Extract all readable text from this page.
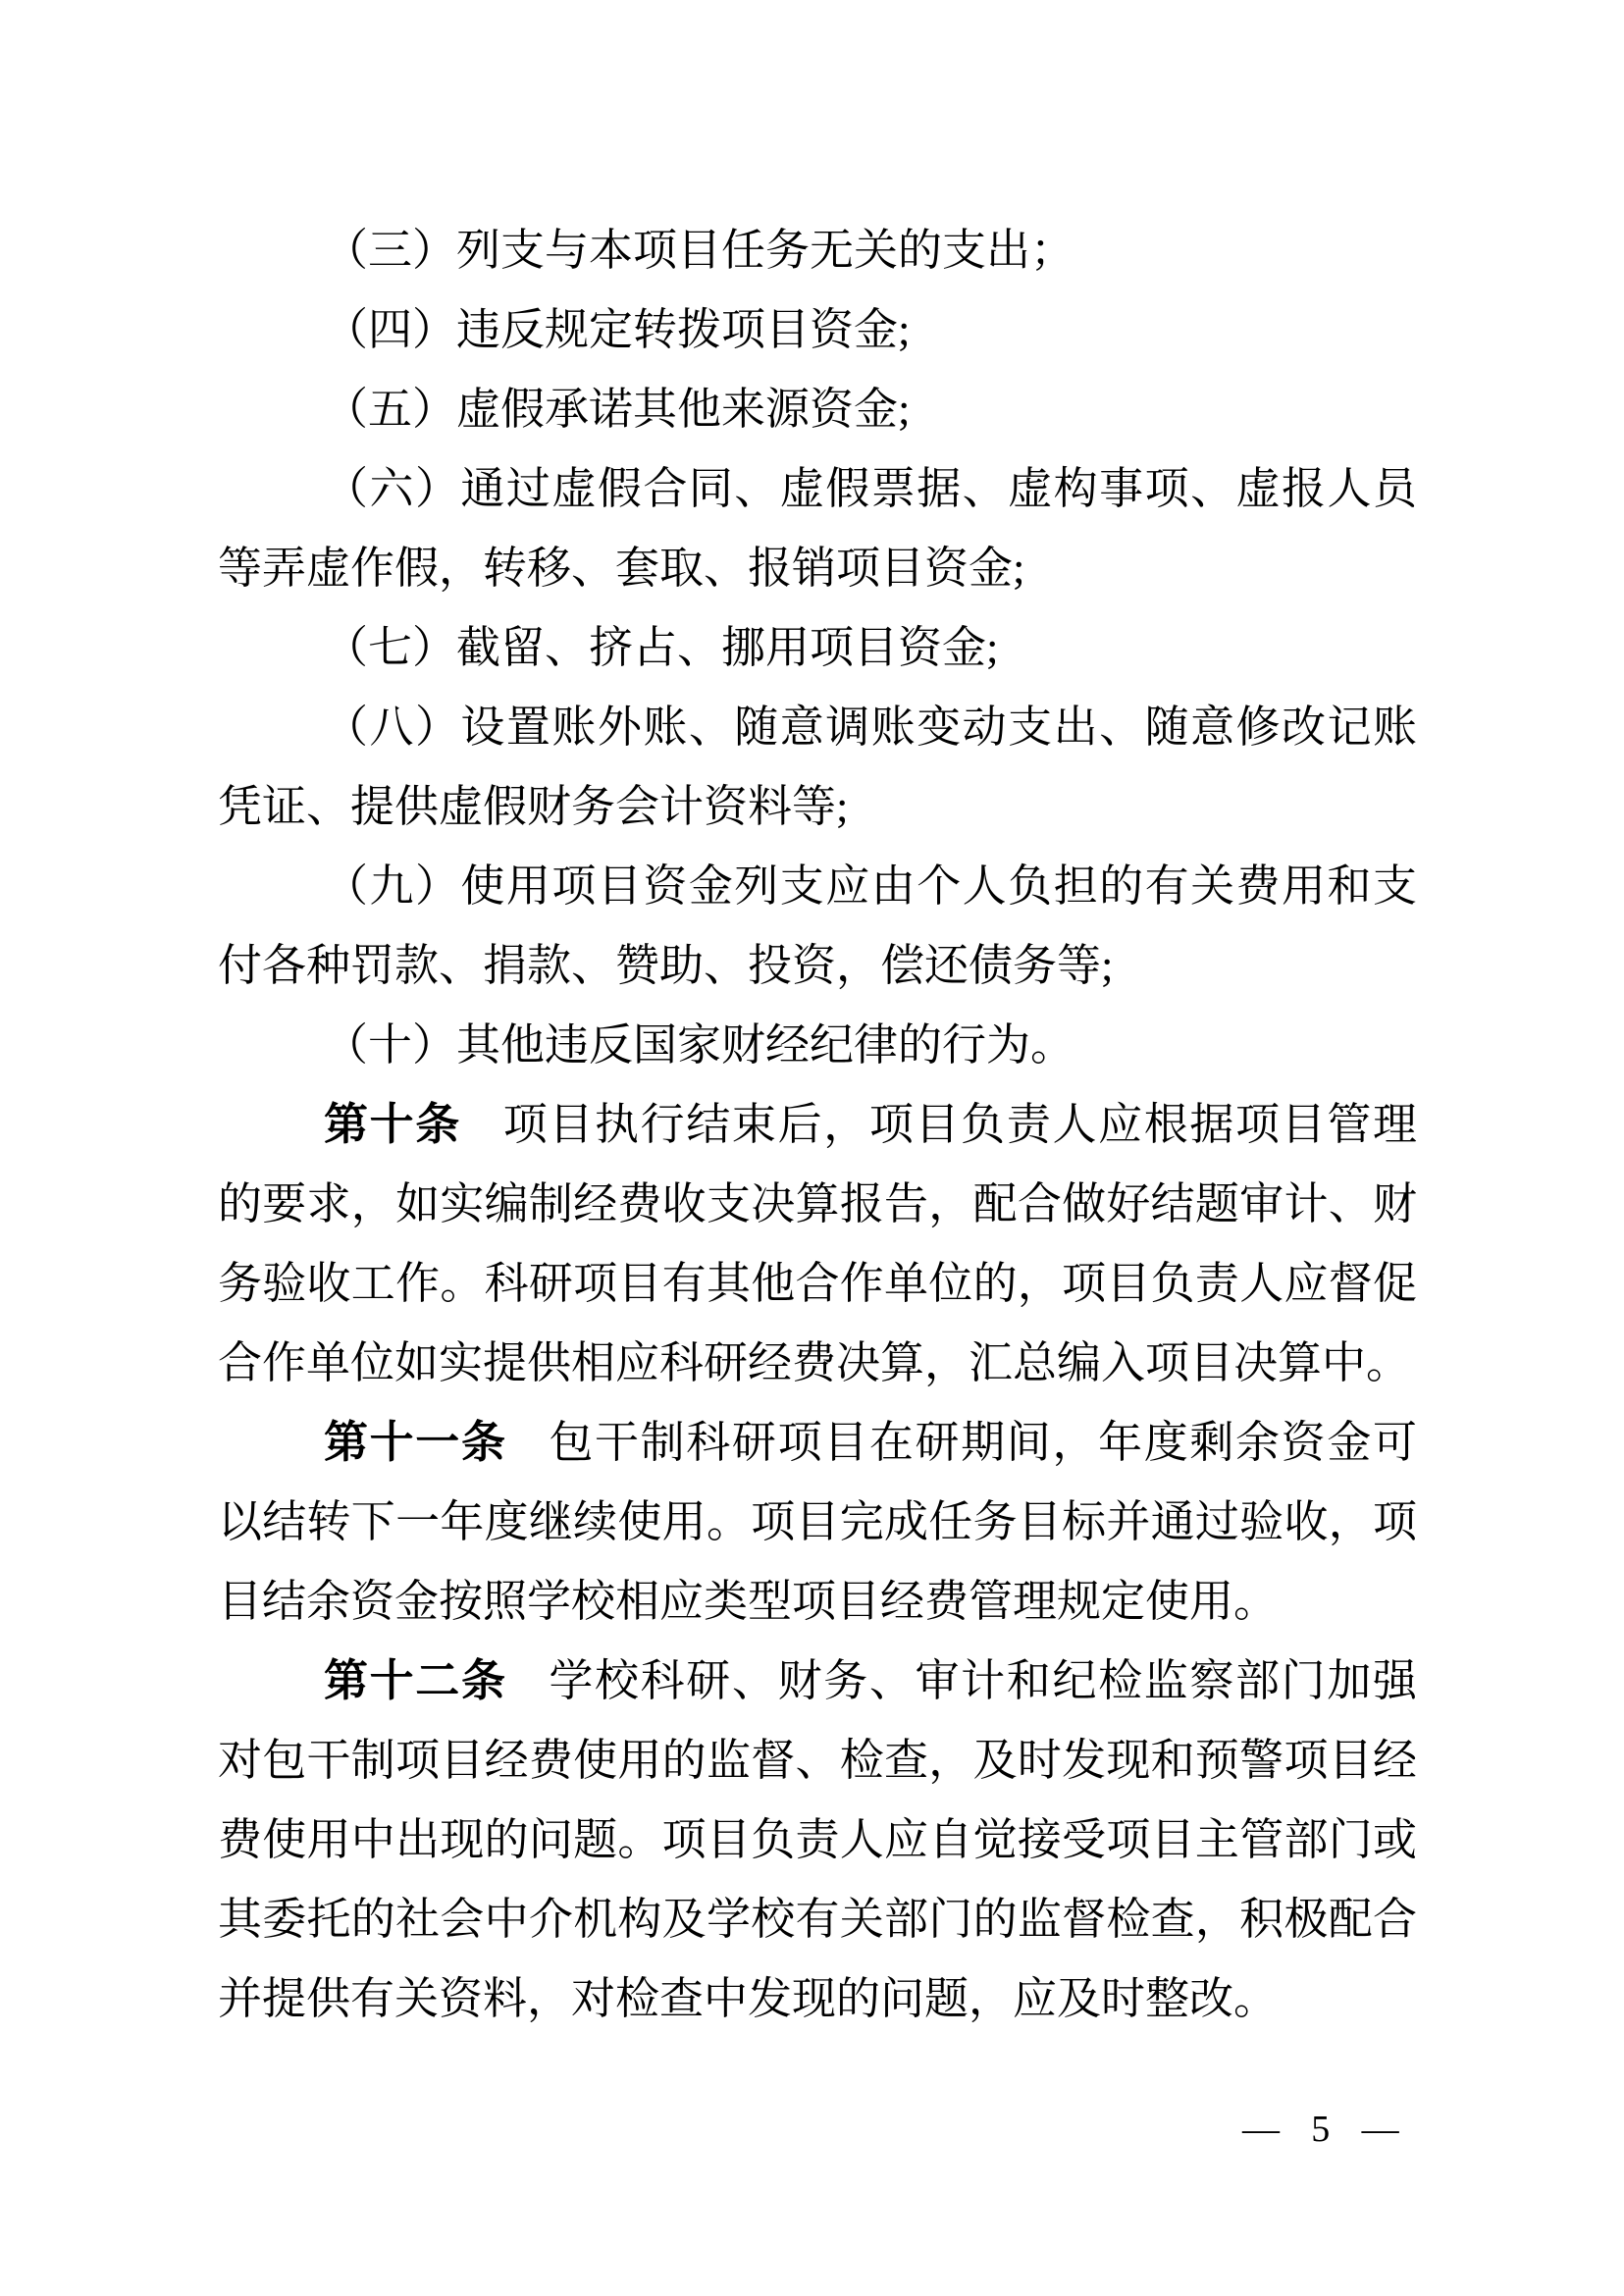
（三）列支与本项目任务无关的支出；

（四）违反规定转拨项目资金;

（五）虚假承诺其他来源资金;

（六）通过虚假合同、虚假票据、虚构事项、虚报人员等弄虚作假，转移、套取、报销项目资金;

（七）截留、挤占、挪用项目资金;

（八）设置账外账、随意调账变动支出、随意修改记账凭证、提供虚假财务会计资料等;

（九）使用项目资金列支应由个人负担的有关费用和支付各种罚款、捐款、赞助、投资，偿还债务等;

（十）其他违反国家财经纪律的行为。

第十条 项目执行结束后，项目负责人应根据项目管理的要求，如实编制经费收支决算报告，配合做好结题审计、财务验收工作。科研项目有其他合作单位的，项目负责人应督促合作单位如实提供相应科研经费决算，汇总编入项目决算中。

第十一条 包干制科研项目在研期间，年度剩余资金可以结转下一年度继续使用。项目完成任务目标并通过验收，项目结余资金按照学校相应类型项目经费管理规定使用。

第十二条 学校科研、财务、审计和纪检监察部门加强对包干制项目经费使用的监督、检查，及时发现和预警项目经费使用中出现的问题。项目负责人应自觉接受项目主管部门或其委托的社会中介机构及学校有关部门的监督检查，积极配合并提供有关资料，对检查中发现的问题，应及时整改。

— 5 —
